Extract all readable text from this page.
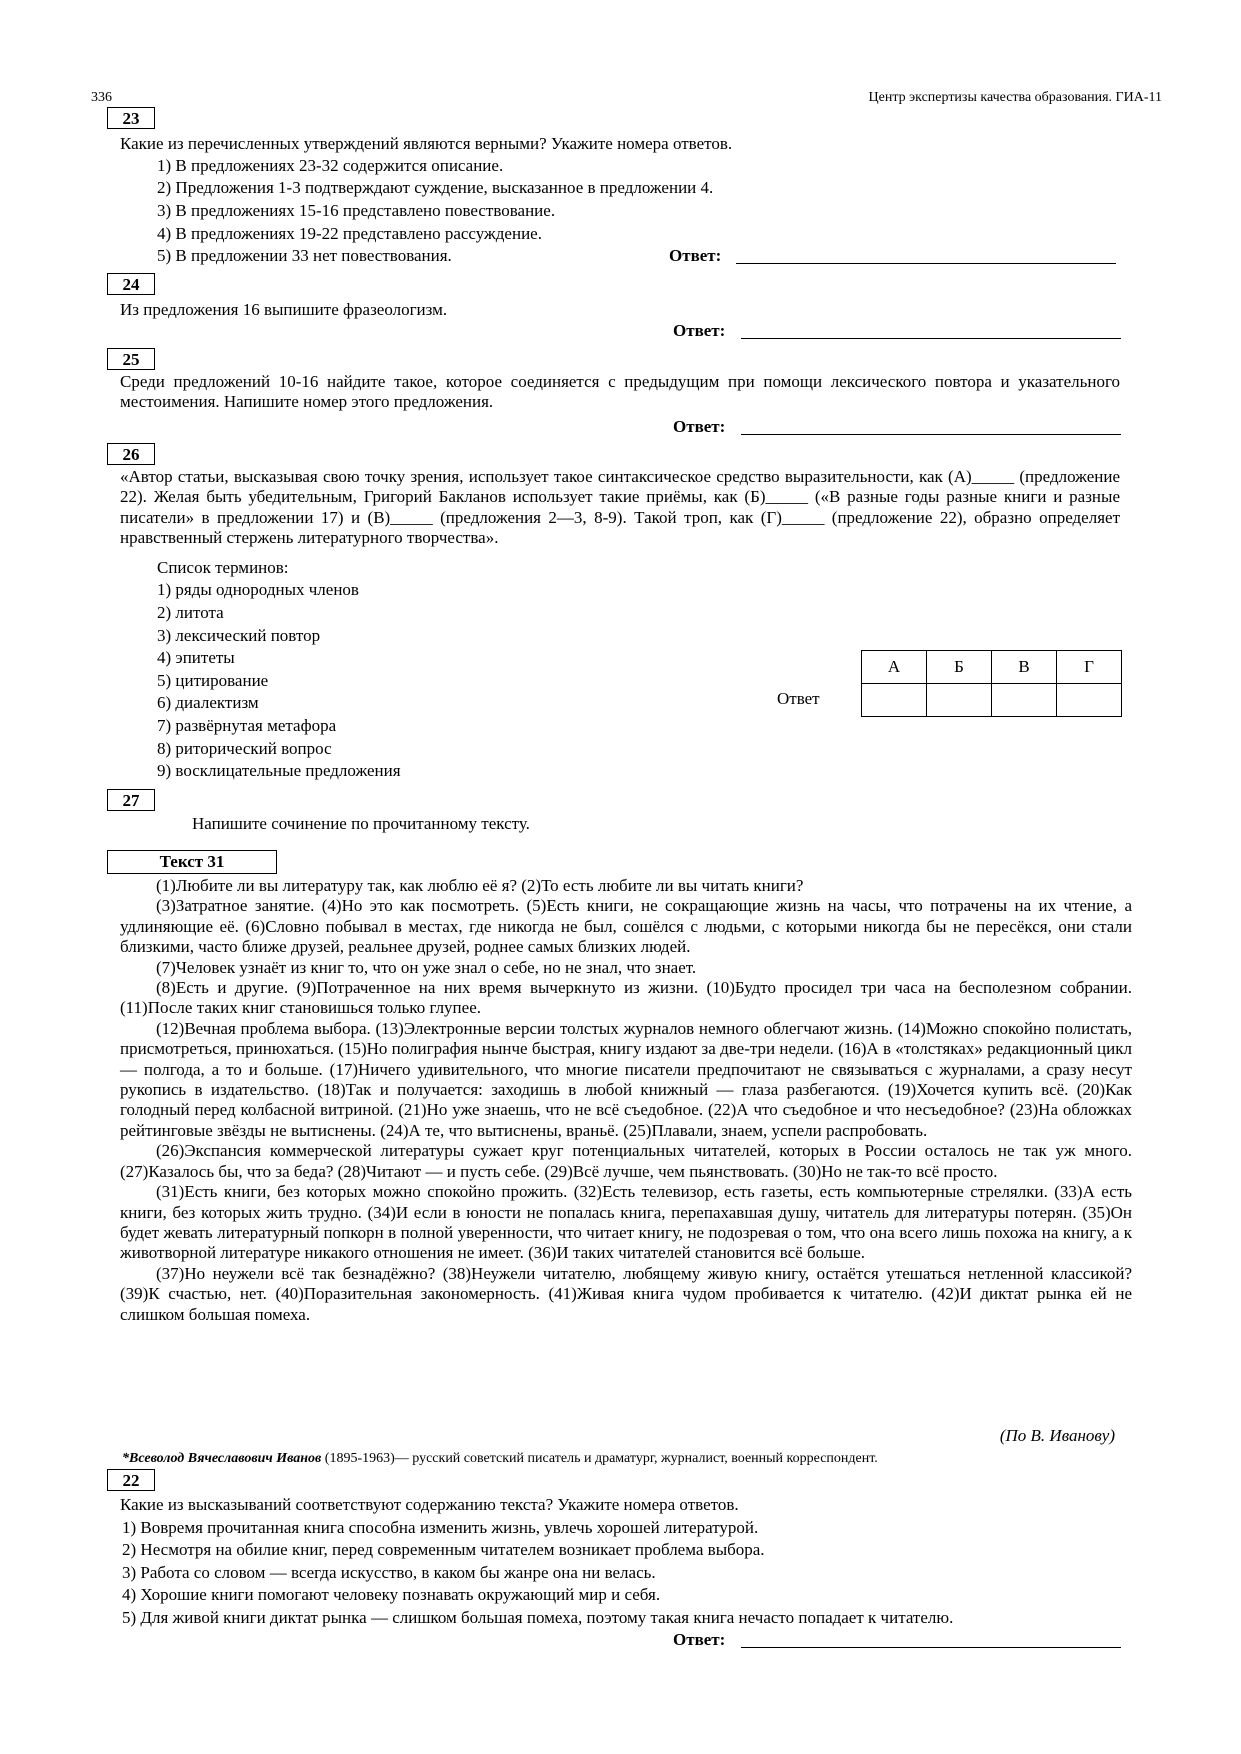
336	Центр экспертизы качества образования. ГИА-11
23
Какие из перечисленных утверждений являются верными? Укажите номера ответов.
1) В предложениях 23-32 содержится описание.
2) Предложения 1-3 подтверждают суждение, высказанное в предложении 4.
3) В предложениях 15-16 представлено повествование.
4) В предложениях 19-22 представлено рассуждение.
5) В предложении 33 нет повествования.	Ответ:
24
Из предложения 16 выпишите фразеологизм.
Ответ:
25

Среди предложений 10-16 найдите такое, которое соединяется с предыдущим при помощи лексического повтора и указательного местоимения. Напишите номер этого предложения.

Ответ:
26

«Автор статьи, высказывая свою точку зрения, использует такое синтаксическое средство выразительности, как (А)_____ (предложение 22). Желая быть убедительным, Григорий Бакланов использует такие приёмы, как (Б)_____ («В разные годы разные книги и разные писатели» в предложении 17) и (В)_____ (предложения 2—3, 8-9). Такой троп, как (Г)_____ (предложение 22), образно определяет нравственный стержень литературного творчества».

Список терминов:
1) ряды однородных членов
2) литота
3) лексический повтор
4) эпитеты
5) цитирование
6) диалектизм
7) развёрнутая метафора
8) риторический вопрос
9) восклицательные предложения
Ответ
А	Б	В	Г

27
Напишите сочинение по прочитанному тексту.
Текст 31

(1)Любите ли вы литературу так, как люблю её я? (2)То есть любите ли вы читать книги?

(3)Затратное занятие. (4)Но это как посмотреть. (5)Есть книги, не сокращающие жизнь на часы, что потрачены на их чтение, а удлиняющие её. (6)Словно побывал в местах, где никогда не был, сошёлся с людьми, с которыми никогда бы не пересёкся, они стали близкими, часто ближе друзей, реальнее друзей, роднее самых близких людей.

(7)Человек узнаёт из книг то, что он уже знал о себе, но не знал, что знает.

(8)Есть и другие. (9)Потраченное на них время вычеркнуто из жизни. (10)Будто просидел три часа на бесполезном собрании. (11)После таких книг становишься только глупее.

(12)Вечная проблема выбора. (13)Электронные версии толстых журналов немного облегчают жизнь. (14)Можно спокойно полистать, присмотреться, принюхаться. (15)Но полиграфия нынче быстрая, книгу издают за две-три недели. (16)А в «толстяках» редакционный цикл — полгода, а то и больше. (17)Ничего удивительного, что многие писатели предпочитают не связываться с журналами, а сразу несут рукопись в издательство. (18)Так и получается: заходишь в любой книжный — глаза разбегаются. (19)Хочется купить всё. (20)Как голодный перед колбасной витриной. (21)Но уже знаешь, что не всё съедобное. (22)А что съедобное и что несъедобное? (23)На обложках рейтинговые звёзды не вытиснены. (24)А те, что вытиснены, враньё. (25)Плавали, знаем, успели распробовать.

(26)Экспансия коммерческой литературы сужает круг потенциальных читателей, которых в России осталось не так уж много. (27)Казалось бы, что за беда? (28)Читают — и пусть себе. (29)Всё лучше, чем пьянствовать. (30)Но не так-то всё просто.

(31)Есть книги, без которых можно спокойно прожить. (32)Есть телевизор, есть газеты, есть компьютерные стрелялки. (33)А есть книги, без которых жить трудно. (34)И если в юности не попалась книга, перепахавшая душу, читатель для литературы потерян. (35)Он будет жевать литературный попкорн в полной уверенности, что читает книгу, не подозревая о том, что она всего лишь похожа на книгу, а к животворной литературе никакого отношения не имеет. (36)И таких читателей становится всё больше.

(37)Но неужели всё так безнадёжно? (38)Неужели читателю, любящему живую книгу, остаётся утешаться нетленной классикой? (39)К счастью, нет. (40)Поразительная закономерность. (41)Живая книга чудом пробивается к читателю. (42)И диктат рынка ей не слишком большая помеха.

(По В. Иванову)
*Всеволод Вячеславович Иванов (1895-1963)— русский советский писатель и драматург, журналист, военный корреспондент.
22
Какие из высказываний соответствуют содержанию текста? Укажите номера ответов.
1) Вовремя прочитанная книга способна изменить жизнь, увлечь хорошей литературой.
2) Несмотря на обилие книг, перед современным читателем возникает проблема выбора.
3) Работа со словом — всегда искусство, в каком бы жанре она ни велась.
4) Хорошие книги помогают человеку познавать окружающий мир и себя.
5) Для живой книги диктат рынка — слишком большая помеха, поэтому такая книга нечасто попадает к читателю.
Ответ:
